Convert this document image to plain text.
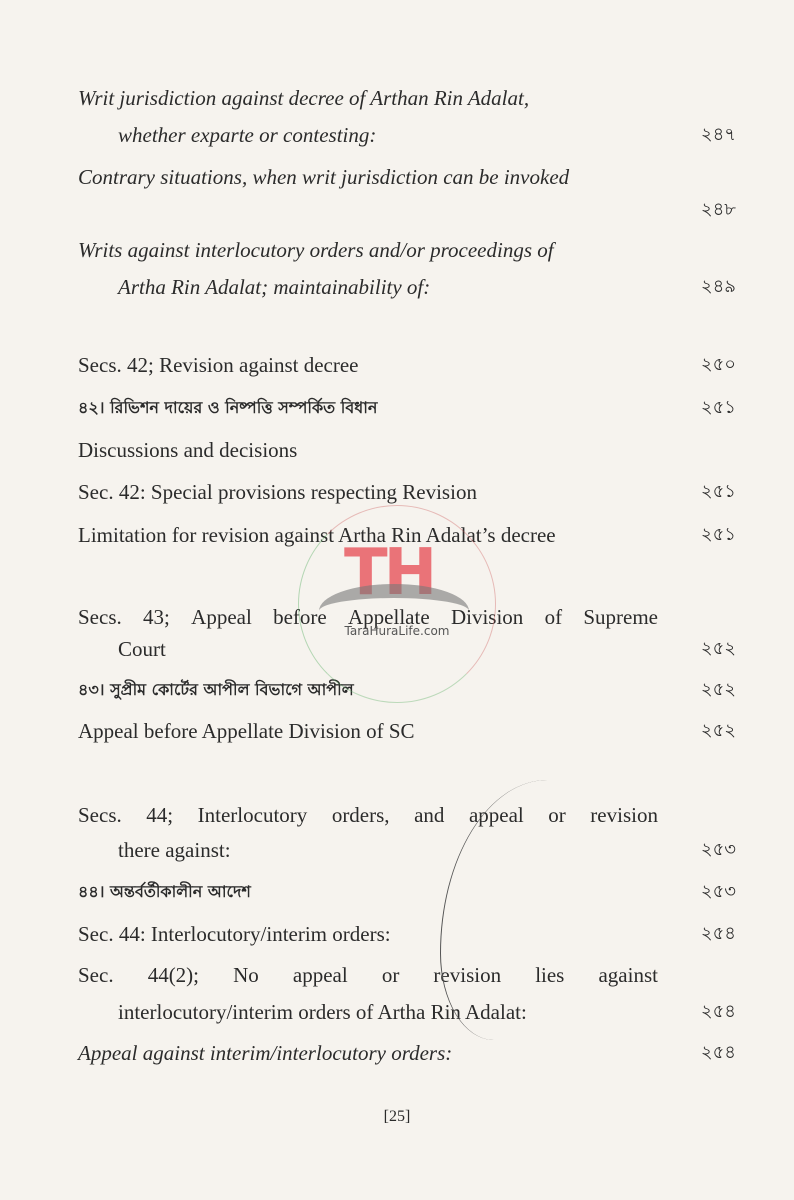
Writ jurisdiction against decree of Arthan Rin Adalat,
whether exparte or contesting:	২৪৭
Contrary situations, when writ jurisdiction can be invoked
২৪৮
Writs against interlocutory orders and/or proceedings of
Artha Rin Adalat; maintainability of:	২৪৯
Secs. 42; Revision against decree	২৫০
৪২। রিভিশন দায়ের ও নিষ্পত্তি সম্পর্কিত বিধান	২৫১
Discussions and decisions
Sec. 42: Special provisions respecting Revision	২৫১
Limitation for revision against Artha Rin Adalat’s decree	২৫১
Secs. 43; Appeal before Appellate Division of Supreme
Court	২৫২
৪৩। সুপ্রীম কোর্টের আপীল বিভাগে আপীল	২৫২
Appeal before Appellate Division of SC	২৫২
Secs. 44; Interlocutory orders, and appeal or revision
there against:	২৫৩
৪৪। অন্তর্বর্তীকালীন আদেশ	২৫৩
Sec. 44: Interlocutory/interim orders:	২৫৪
Sec. 44(2); No appeal or revision lies against
interlocutory/interim orders of Artha Rin Adalat:	২৫৪
Appeal against interim/interlocutory orders:	২৫৪
TH
TaraHuraLife.com
[25]
